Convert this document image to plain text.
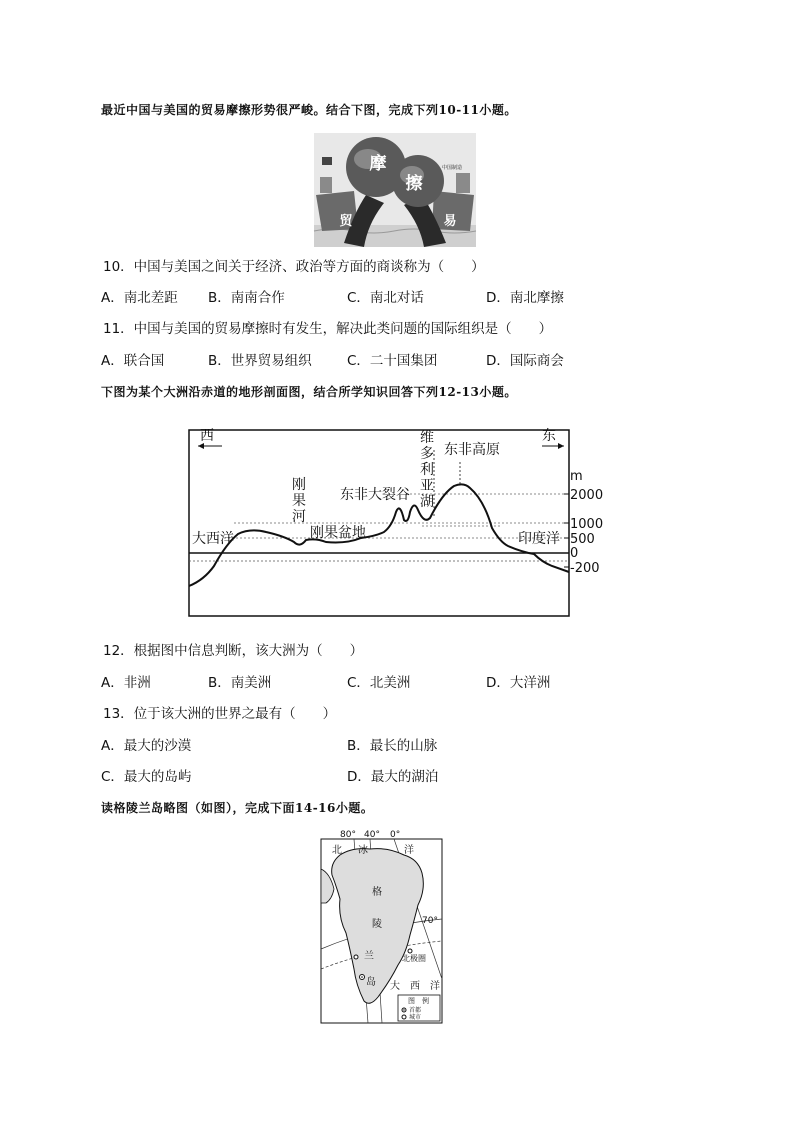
最近中国与美国的贸易摩擦形势很严峻。结合下图，完成下列10-11小题。
摩
擦
贸	易
中国制造
10．中国与美国之间关于经济、政治等方面的商谈称为（　　）
A．南北差距 B．南南合作	C．南北对话	D．南北摩擦
11．中国与美国的贸易摩擦时有发生，解决此类问题的国际组织是（　　）
A．联合国	B．世界贸易组织	C．二十国集团	D．国际商会
下图为某个大洲沿赤道的地形剖面图，结合所学知识回答下列12-13小题。
西	东
大西洋	刚果盆地
东非大裂谷
东非高原
印度洋
刚
果
河
维
多
利
亚
湖
m
2000
1000
500
0
-200
12．根据图中信息判断，该大洲为（　　）
A．非洲	B．南美洲	C．北美洲	D．大洋洲
13．位于该大洲的世界之最有（　　）
A．最大的沙漠	B．最长的山脉
C．最大的岛屿	D．最大的湖泊
读格陵兰岛略图（如图），完成下面14-16小题。
80° 40° 0°
70°
北 冰	洋
格
陵
兰
岛 大　西　洋
北极圈
图　例
首都
城市
